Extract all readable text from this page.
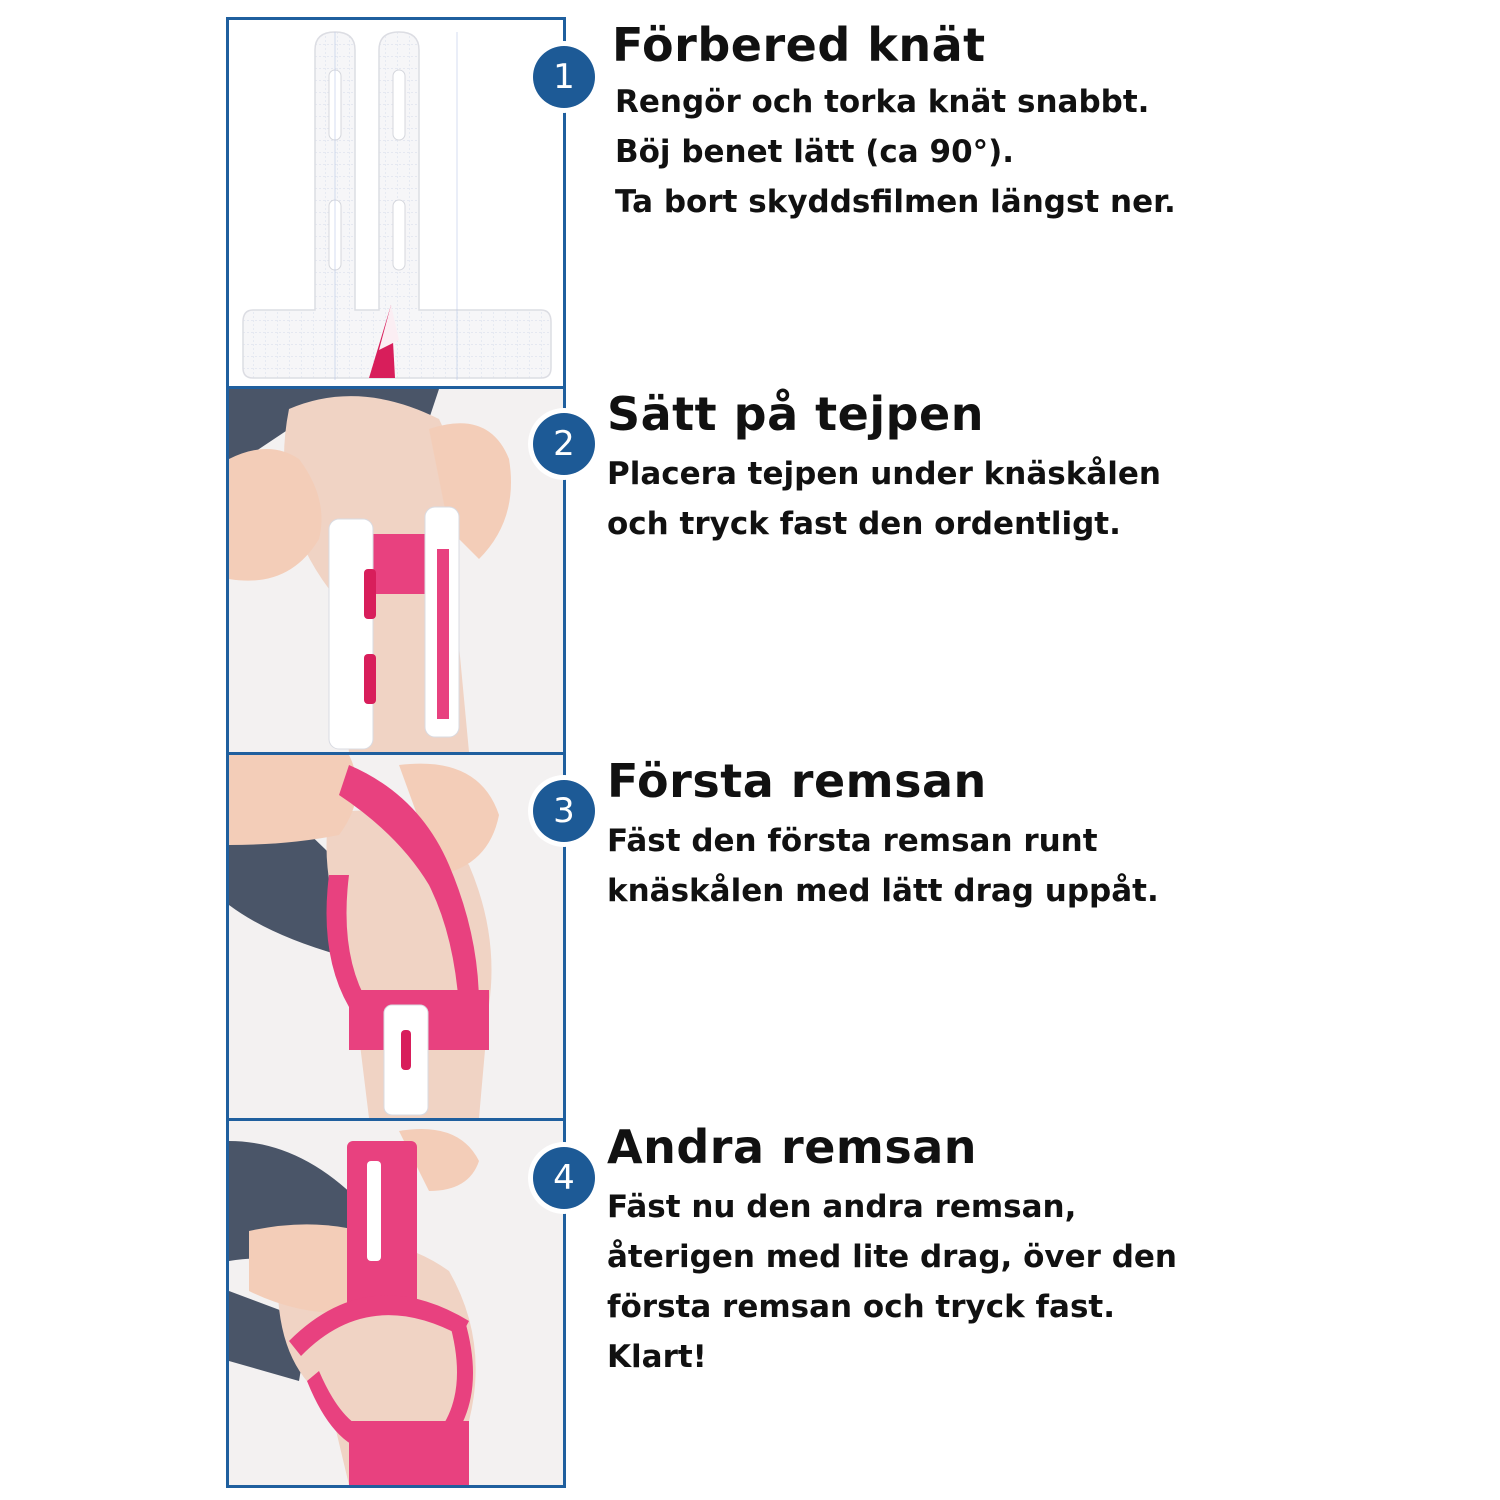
1
2
3
4
Förbered knät

Rengör och torka knät snabbt.

Böj benet lätt (ca 90°).

Ta bort skyddsfilmen längst ner.

Sätt på tejpen

Placera tejpen under knäskålen

och tryck fast den ordentligt.

Första remsan

Fäst den första remsan runt

knäskålen med lätt drag uppåt.

Andra remsan

Fäst nu den andra remsan,

återigen med lite drag, över den

första remsan och tryck fast.

Klart!
